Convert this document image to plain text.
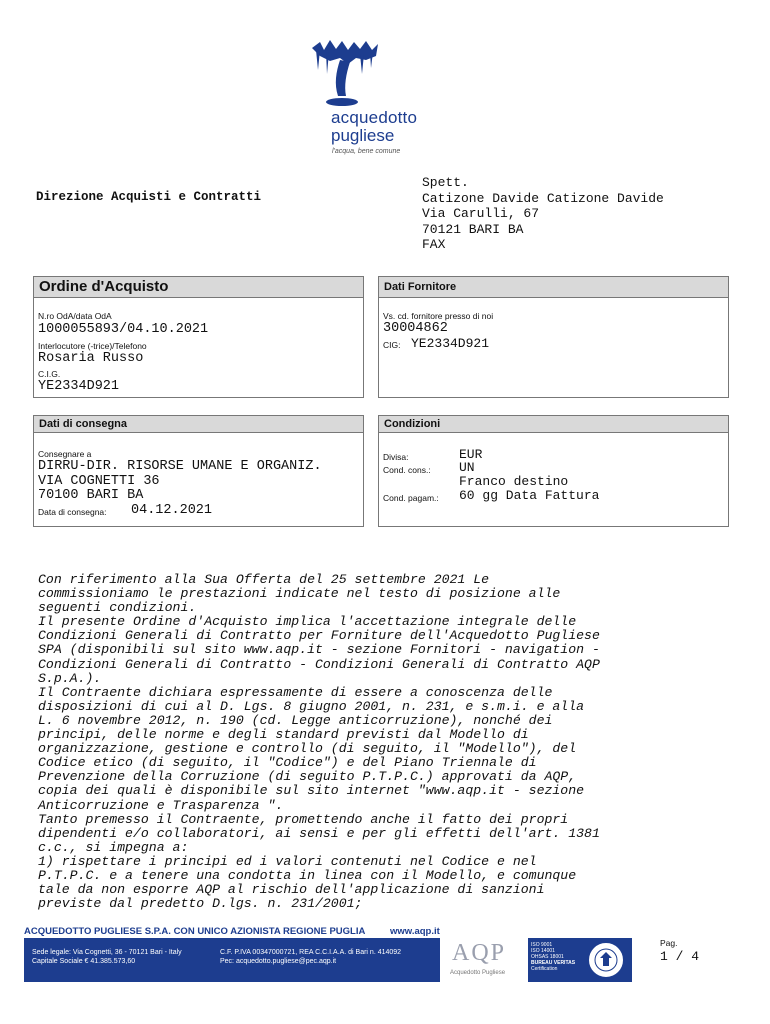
acquedotto
pugliese
l'acqua, bene comune
Direzione Acquisti e Contratti
Spett.
Catizone Davide Catizone Davide
Via Carulli, 67
70121 BARI BA
FAX
Ordine d'Acquisto
N.ro OdA/data OdA
1000055893/04.10.2021
Interlocutore (-trice)/Telefono
Rosaria Russo
C.I.G.
YE2334D921
Dati Fornitore
Vs. cd. fornitore presso di noi
30004862
CIG: YE2334D921
Dati di consegna
Consegnare a
DIRRU-DIR. RISORSE UMANE E ORGANIZ.
VIA COGNETTI 36
70100 BARI BA
Data di consegna: 04.12.2021
Condizioni
Divisa:	EUR
Cond. cons.: UN
Franco destino
Cond. pagam.: 60 gg Data Fattura
Con riferimento alla Sua Offerta del 25 settembre 2021 Le
commissioniamo le prestazioni indicate nel testo di posizione alle
seguenti condizioni.
Il presente Ordine d'Acquisto implica l'accettazione integrale delle
Condizioni Generali di Contratto per Forniture dell'Acquedotto Pugliese
SPA (disponibili sul sito www.aqp.it - sezione Fornitori - navigation -
Condizioni Generali di Contratto - Condizioni Generali di Contratto AQP
S.p.A.).
Il Contraente dichiara espressamente di essere a conoscenza delle
disposizioni di cui al D. Lgs. 8 giugno 2001, n. 231, e s.m.i. e alla
L. 6 novembre 2012, n. 190 (cd. Legge anticorruzione), nonché dei
principi, delle norme e degli standard previsti dal Modello di
organizzazione, gestione e controllo (di seguito, il "Modello"), del
Codice etico (di seguito, il "Codice") e del Piano Triennale di
Prevenzione della Corruzione (di seguito P.T.P.C.) approvati da AQP,
copia dei quali è disponibile sul sito internet "www.aqp.it - sezione
Anticorruzione e Trasparenza ".
Tanto premesso il Contraente, promettendo anche il fatto dei propri
dipendenti e/o collaboratori, ai sensi e per gli effetti dell'art. 1381
c.c., si impegna a:
1) rispettare i principi ed i valori contenuti nel Codice e nel
P.T.P.C. e a tenere una condotta in linea con il Modello, e comunque
tale da non esporre AQP al rischio dell'applicazione di sanzioni
previste dal predetto D.lgs. n. 231/2001;
ACQUEDOTTO PUGLIESE S.P.A. CON UNICO AZIONISTA REGIONE PUGLIA	www.aqp.it
Sede legale: Via Cognetti, 36 - 70121 Bari - Italy
Capitale Sociale € 41.385.573,60
C.F. P.IVA 00347000721, REA C.C.I.A.A. di Bari n. 414092
Pec: acquedotto.pugliese@pec.aqp.it	AQP
Acquedotto Pugliese
ISO 9001
ISO 14001
OHSAS 18001
BUREAU VERITAS
Certification
Pag.
1 / 4
